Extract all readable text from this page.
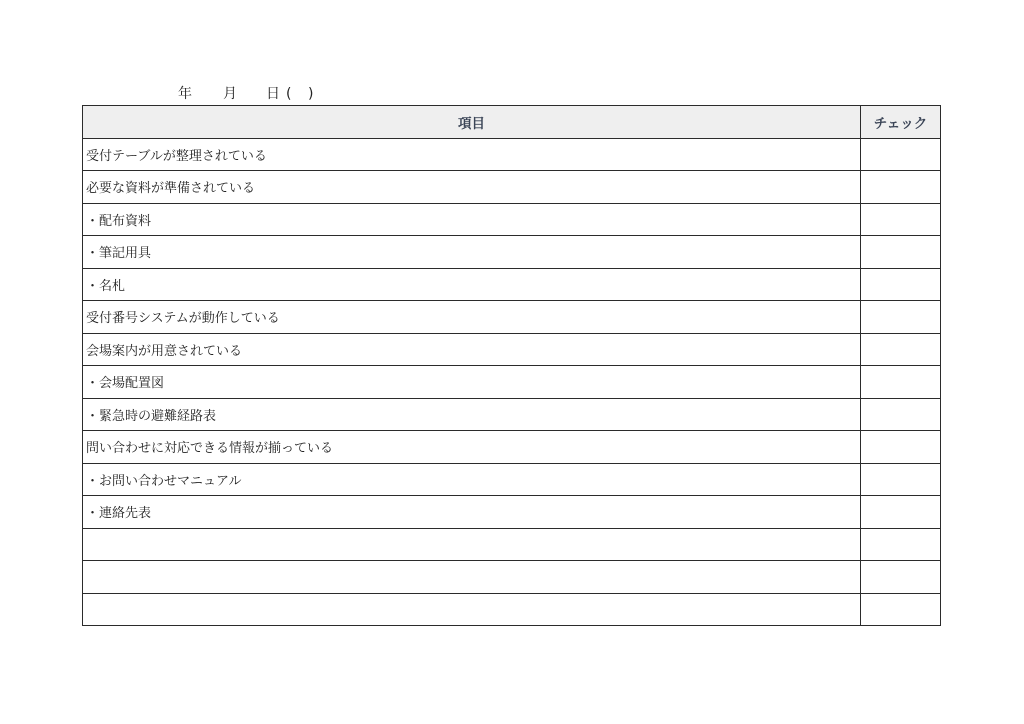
年 月 日 ( )
項目	チェック
受付テーブルが整理されている	
必要な資料が準備されている	
・配布資料	
・筆記用具	
・名札	
受付番号システムが動作している	
会場案内が用意されている	
・会場配置図	
・緊急時の避難経路表	
問い合わせに対応できる情報が揃っている	
・お問い合わせマニュアル	
・連絡先表	
